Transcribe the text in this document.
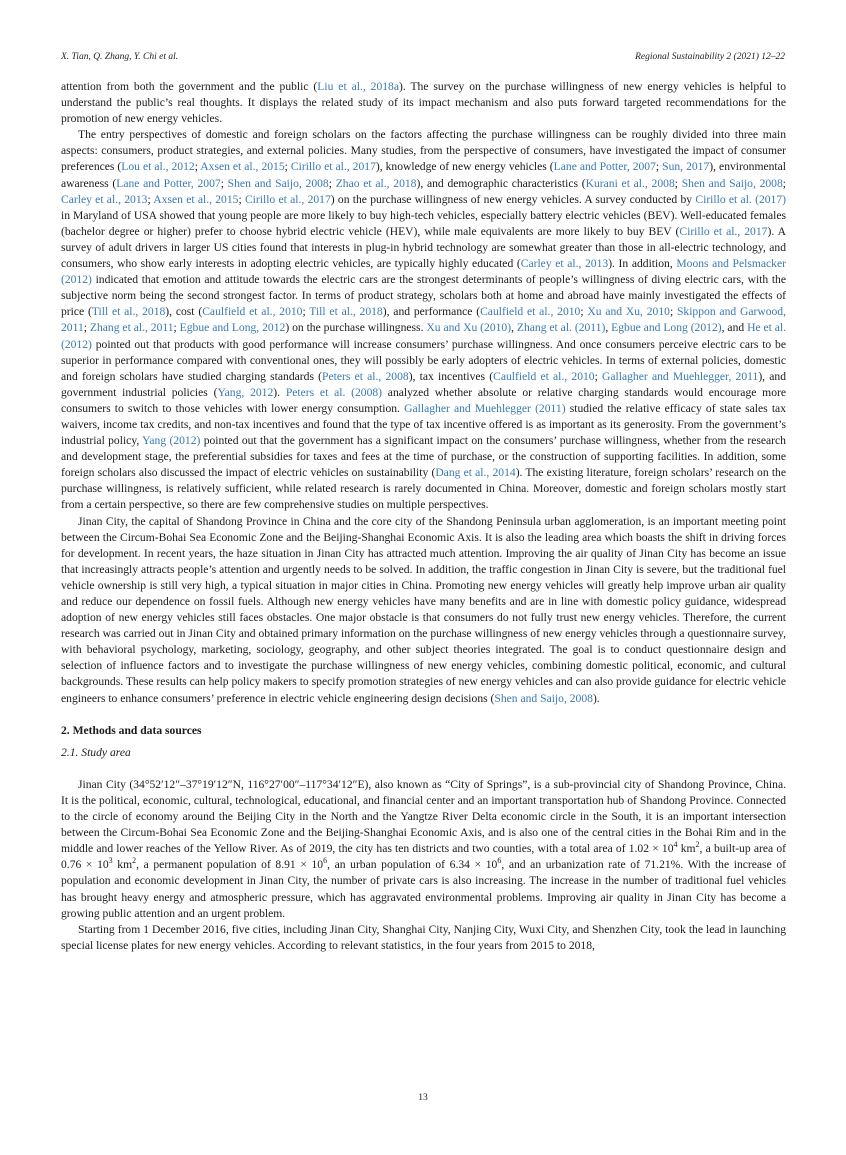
X. Tian, Q. Zhang, Y. Chi et al.	Regional Sustainability 2 (2021) 12–22

attention from both the government and the public (Liu et al., 2018a). The survey on the purchase willingness of new energy vehicles is helpful to understand the public’s real thoughts. It displays the related study of its impact mechanism and also puts forward targeted recommendations for the promotion of new energy vehicles.

The entry perspectives of domestic and foreign scholars on the factors affecting the purchase willingness can be roughly divided into three main aspects: consumers, product strategies, and external policies. Many studies, from the perspective of consumers, have investigated the impact of consumer preferences (Lou et al., 2012; Axsen et al., 2015; Cirillo et al., 2017), knowledge of new energy vehicles (Lane and Potter, 2007; Sun, 2017), environmental awareness (Lane and Potter, 2007; Shen and Saijo, 2008; Zhao et al., 2018), and demographic characteristics (Kurani et al., 2008; Shen and Saijo, 2008; Carley et al., 2013; Axsen et al., 2015; Cirillo et al., 2017) on the purchase willingness of new energy vehicles. A survey conducted by Cirillo et al. (2017) in Maryland of USA showed that young people are more likely to buy high-tech vehicles, especially battery electric vehicles (BEV). Well-educated females (bachelor degree or higher) prefer to choose hybrid electric vehicle (HEV), while male equivalents are more likely to buy BEV (Cirillo et al., 2017). A survey of adult drivers in larger US cities found that interests in plug-in hybrid technology are somewhat greater than those in all-electric technology, and consumers, who show early interests in adopting electric vehicles, are typically highly educated (Carley et al., 2013). In addition, Moons and Pelsmacker (2012) indicated that emotion and attitude towards the electric cars are the strongest determinants of people’s willingness of diving electric cars, with the subjective norm being the second strongest factor. In terms of product strategy, scholars both at home and abroad have mainly investigated the effects of price (Till et al., 2018), cost (Caulfield et al., 2010; Till et al., 2018), and performance (Caulfield et al., 2010; Xu and Xu, 2010; Skippon and Garwood, 2011; Zhang et al., 2011; Egbue and Long, 2012) on the purchase willingness. Xu and Xu (2010), Zhang et al. (2011), Egbue and Long (2012), and He et al. (2012) pointed out that products with good performance will increase consumers’ purchase willingness. And once consumers perceive electric cars to be superior in performance compared with conventional ones, they will possibly be early adopters of electric vehicles. In terms of external policies, domestic and foreign scholars have studied charging standards (Peters et al., 2008), tax incentives (Caulfield et al., 2010; Gallagher and Muehlegger, 2011), and government industrial policies (Yang, 2012). Peters et al. (2008) analyzed whether absolute or relative charging standards would encourage more consumers to switch to those vehicles with lower energy consumption. Gallagher and Muehlegger (2011) studied the relative efficacy of state sales tax waivers, income tax credits, and non-tax incentives and found that the type of tax incentive offered is as important as its generosity. From the government’s industrial policy, Yang (2012) pointed out that the government has a significant impact on the consumers’ purchase willingness, whether from the research and development stage, the preferential subsidies for taxes and fees at the time of purchase, or the construction of supporting facilities. In addition, some foreign scholars also discussed the impact of electric vehicles on sustainability (Dang et al., 2014). The existing literature, foreign scholars’ research on the purchase willingness, is relatively sufficient, while related research is rarely documented in China. Moreover, domestic and foreign scholars mostly start from a certain perspective, so there are few comprehensive studies on multiple perspectives.

Jinan City, the capital of Shandong Province in China and the core city of the Shandong Peninsula urban agglomeration, is an important meeting point between the Circum-Bohai Sea Economic Zone and the Beijing-Shanghai Economic Axis. It is also the leading area which boasts the shift in driving forces for development. In recent years, the haze situation in Jinan City has attracted much attention. Improving the air quality of Jinan City has become an issue that increasingly attracts people’s attention and urgently needs to be solved. In addition, the traffic congestion in Jinan City is severe, but the traditional fuel vehicle ownership is still very high, a typical situation in major cities in China. Promoting new energy vehicles will greatly help improve urban air quality and reduce our dependence on fossil fuels. Although new energy vehicles have many benefits and are in line with domestic policy guidance, widespread adoption of new energy vehicles still faces obstacles. One major obstacle is that consumers do not fully trust new energy vehicles. Therefore, the current research was carried out in Jinan City and obtained primary information on the purchase willingness of new energy vehicles through a questionnaire survey, with behavioral psychology, marketing, sociology, geography, and other subject theories integrated. The goal is to conduct questionnaire design and selection of influence factors and to investigate the purchase willingness of new energy vehicles, combining domestic political, economic, and cultural backgrounds. These results can help policy makers to specify promotion strategies of new energy vehicles and can also provide guidance for electric vehicle engineers to enhance consumers’ preference in electric vehicle engineering design decisions (Shen and Saijo, 2008).

2. Methods and data sources

2.1. Study area

Jinan City (34°52′12″–37°19′12″N, 116°27′00″–117°34′12″E), also known as “City of Springs”, is a sub-provincial city of Shandong Province, China. It is the political, economic, cultural, technological, educational, and financial center and an important transportation hub of Shandong Province. Connected to the circle of economy around the Beijing City in the North and the Yangtze River Delta economic circle in the South, it is an important intersection between the Circum-Bohai Sea Economic Zone and the Beijing-Shanghai Economic Axis, and is also one of the central cities in the Bohai Rim and in the middle and lower reaches of the Yellow River. As of 2019, the city has ten districts and two counties, with a total area of $1.02 \times 10^4$ $km^2$, a built-up area of $0.76 \times 10^3$ $km^2$, a permanent population of $8.91 \times 10^6$, an urban population of $6.34 \times 10^6$, and an urbanization rate of 71.21%. With the increase of population and economic development in Jinan City, the number of private cars is also increasing. The increase in the number of traditional fuel vehicles has brought heavy energy and atmospheric pressure, which has aggravated environmental problems. Improving air quality in Jinan City has become a growing public attention and an urgent problem.

Starting from 1 December 2016, five cities, including Jinan City, Shanghai City, Nanjing City, Wuxi City, and Shenzhen City, took the lead in launching special license plates for new energy vehicles. According to relevant statistics, in the four years from 2015 to 2018,

13
